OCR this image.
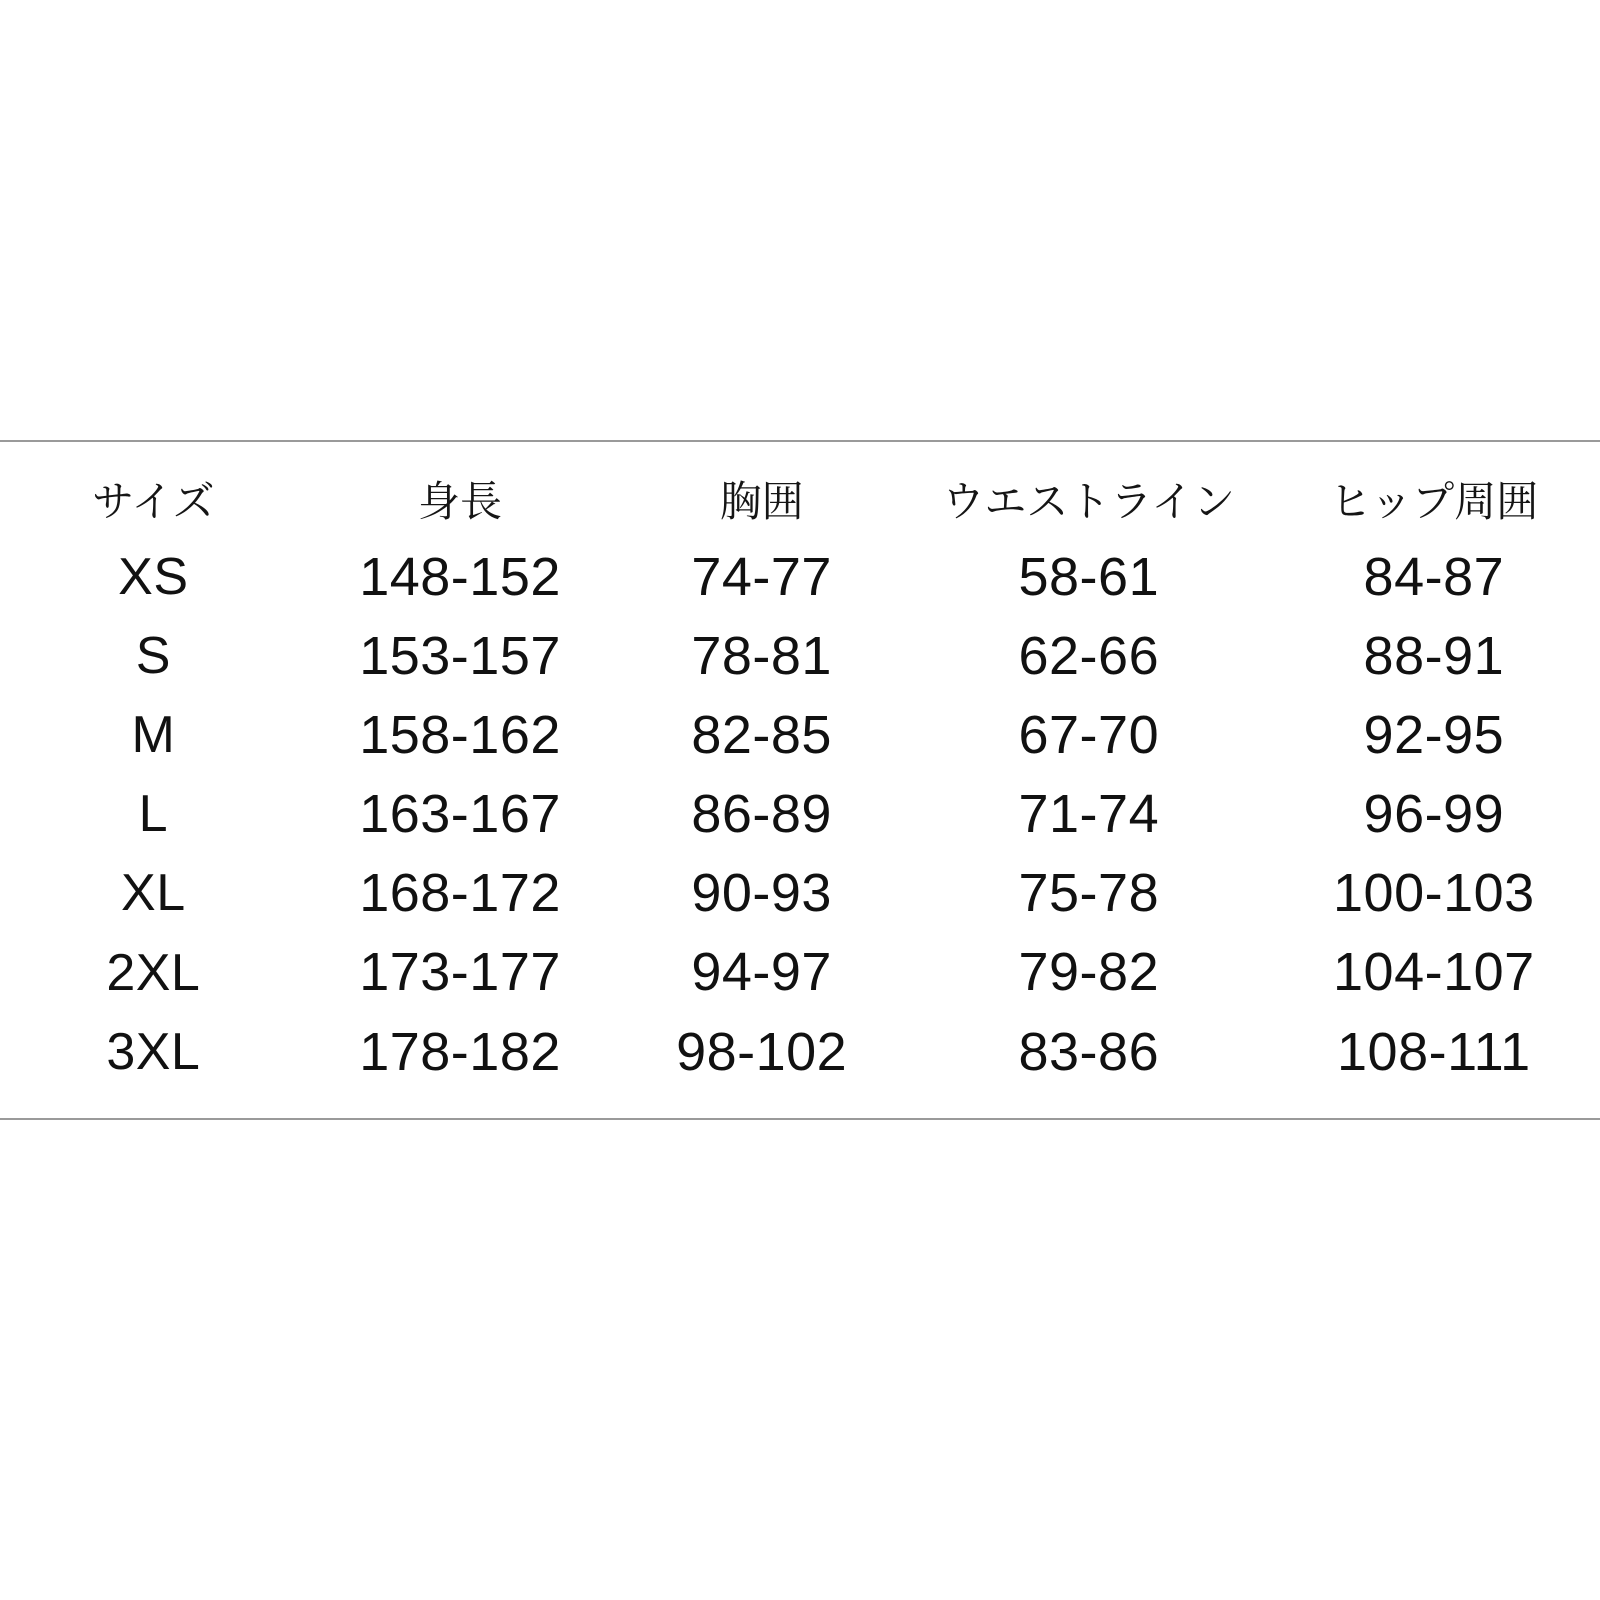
サイズ	身長	胸囲	ウエストライン	ヒップ周囲
XS	148-152	74-77	58-61	84-87
S	153-157	78-81	62-66	88-91
M	158-162	82-85	67-70	92-95
L	163-167	86-89	71-74	96-99
XL	168-172	90-93	75-78	100-103
2XL	173-177	94-97	79-82	104-107
3XL	178-182	98-102	83-86	108-111
